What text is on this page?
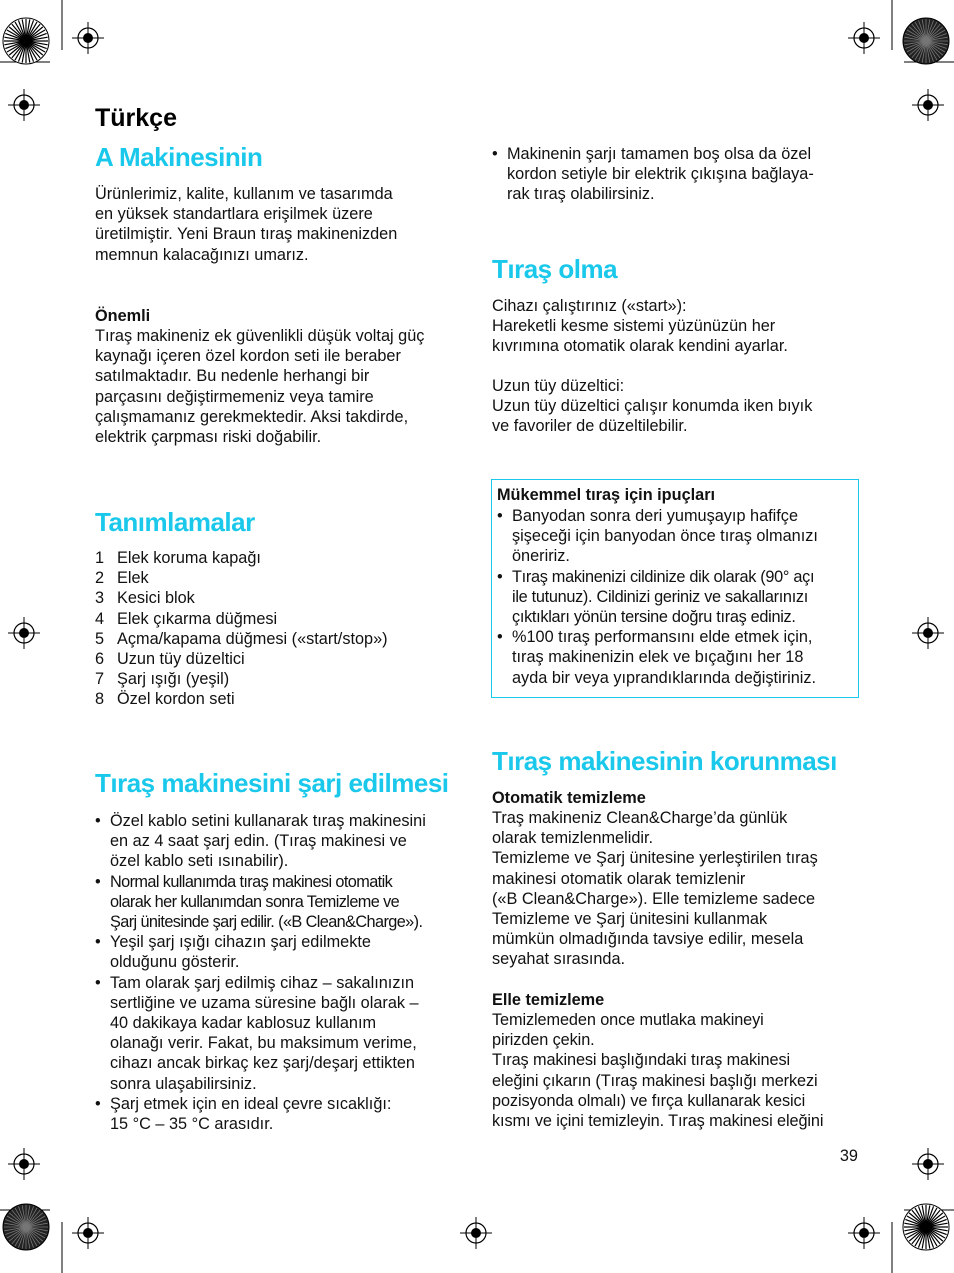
Türkçe
A Makinesinin

Ürünlerimiz, kalite, kullanım ve tasarımda
en yüksek standartlara erişilmek üzere
üretilmiştir. Yeni Braun tıraş makinenizden
memnun kalacağınızı umarız.

Önemli

Tıraş makineniz ek güvenlikli düşük voltaj güç
kaynağı içeren özel kordon seti ile beraber
satılmaktadır. Bu nedenle herhangi bir
parçasını değiştirmemeniz veya tamire
çalışmamanız gerekmektedir. Aksi takdirde,
elektrik çarpması riski doğabilir.

Tanımlamalar
1 Elek koruma kapağı
2 Elek
3 Kesici blok
4 Elek çıkarma düğmesi
5 Açma/kapama düğmesi («start/stop»)
6 Uzun tüy düzeltici
7 Şarj ışığı (yeşil)
8 Özel kordon seti
Tıraş makinesini şarj edilmesi
• Özel kablo setini kullanarak tıraş makinesini
en az 4 saat şarj edin. (Tıraş makinesi ve
özel kablo seti ısınabilir).
• Normal kullanımda tıraş makinesi otomatik
olarak her kullanımdan sonra Temizleme ve
Şarj ünitesinde şarj edilir. («B Clean&Charge»).
• Yeşil şarj ışığı cihazın şarj edilmekte
olduğunu gösterir.
• Tam olarak şarj edilmiş cihaz – sakalınızın
sertliğine ve uzama süresine bağlı olarak –
40 dakikaya kadar kablosuz kullanım
olanağı verir. Fakat, bu maksimum verime,
cihazı ancak birkaç kez şarj/deşarj ettikten
sonra ulaşabilirsiniz.
• Şarj etmek için en ideal çevre sıcaklığı:
15 °C – 35 °C arasıdır.
• Makinenin şarjı tamamen boş olsa da özel
kordon setiyle bir elektrik çıkışına bağlaya-
rak tıraş olabilirsiniz.
Tıraş olma

Cihazı çalıştırınız («start»):
Hareketli kesme sistemi yüzünüzün her
kıvrımına otomatik olarak kendini ayarlar.

Uzun tüy düzeltici:
Uzun tüy düzeltici çalışır konumda iken bıyık
ve favoriler de düzeltilebilir.

Mükemmel tıraş için ipuçları

• Banyodan sonra deri yumuşayıp hafifçe
şişeceği için banyodan önce tıraş olmanızı
öneririz.
• Tıraş makinenizi cildinize dik olarak (90° açı
ile tutunuz). Cildinizi geriniz ve sakallarınızı
çıktıkları yönün tersine doğru tıraş ediniz.
• %100 tıraş performansını elde etmek için,
tıraş makinenizin elek ve bıçağını her 18
ayda bir veya yıprandıklarında değiştiriniz.
Tıraş makinesinin korunması

Otomatik temizleme

Traş makineniz Clean&Charge’da günlük
olarak temizlenmelidir.
Temizleme ve Şarj ünitesine yerleştirilen tıraş
makinesi otomatik olarak temizlenir
(«B Clean&Charge»). Elle temizleme sadece
Temizleme ve Şarj ünitesini kullanmak
mümkün olmadığında tavsiye edilir, mesela
seyahat sırasında.

Elle temizleme

Temizlemeden once mutlaka makineyi
pirizden çekin.
Tıraş makinesi başlığındaki tıraş makinesi
eleğini çıkarın (Tıraş makinesi başlığı merkezi
pozisyonda olmalı) ve fırça kullanarak kesici
kısmı ve içini temizleyin. Tıraş makinesi eleğini

39
